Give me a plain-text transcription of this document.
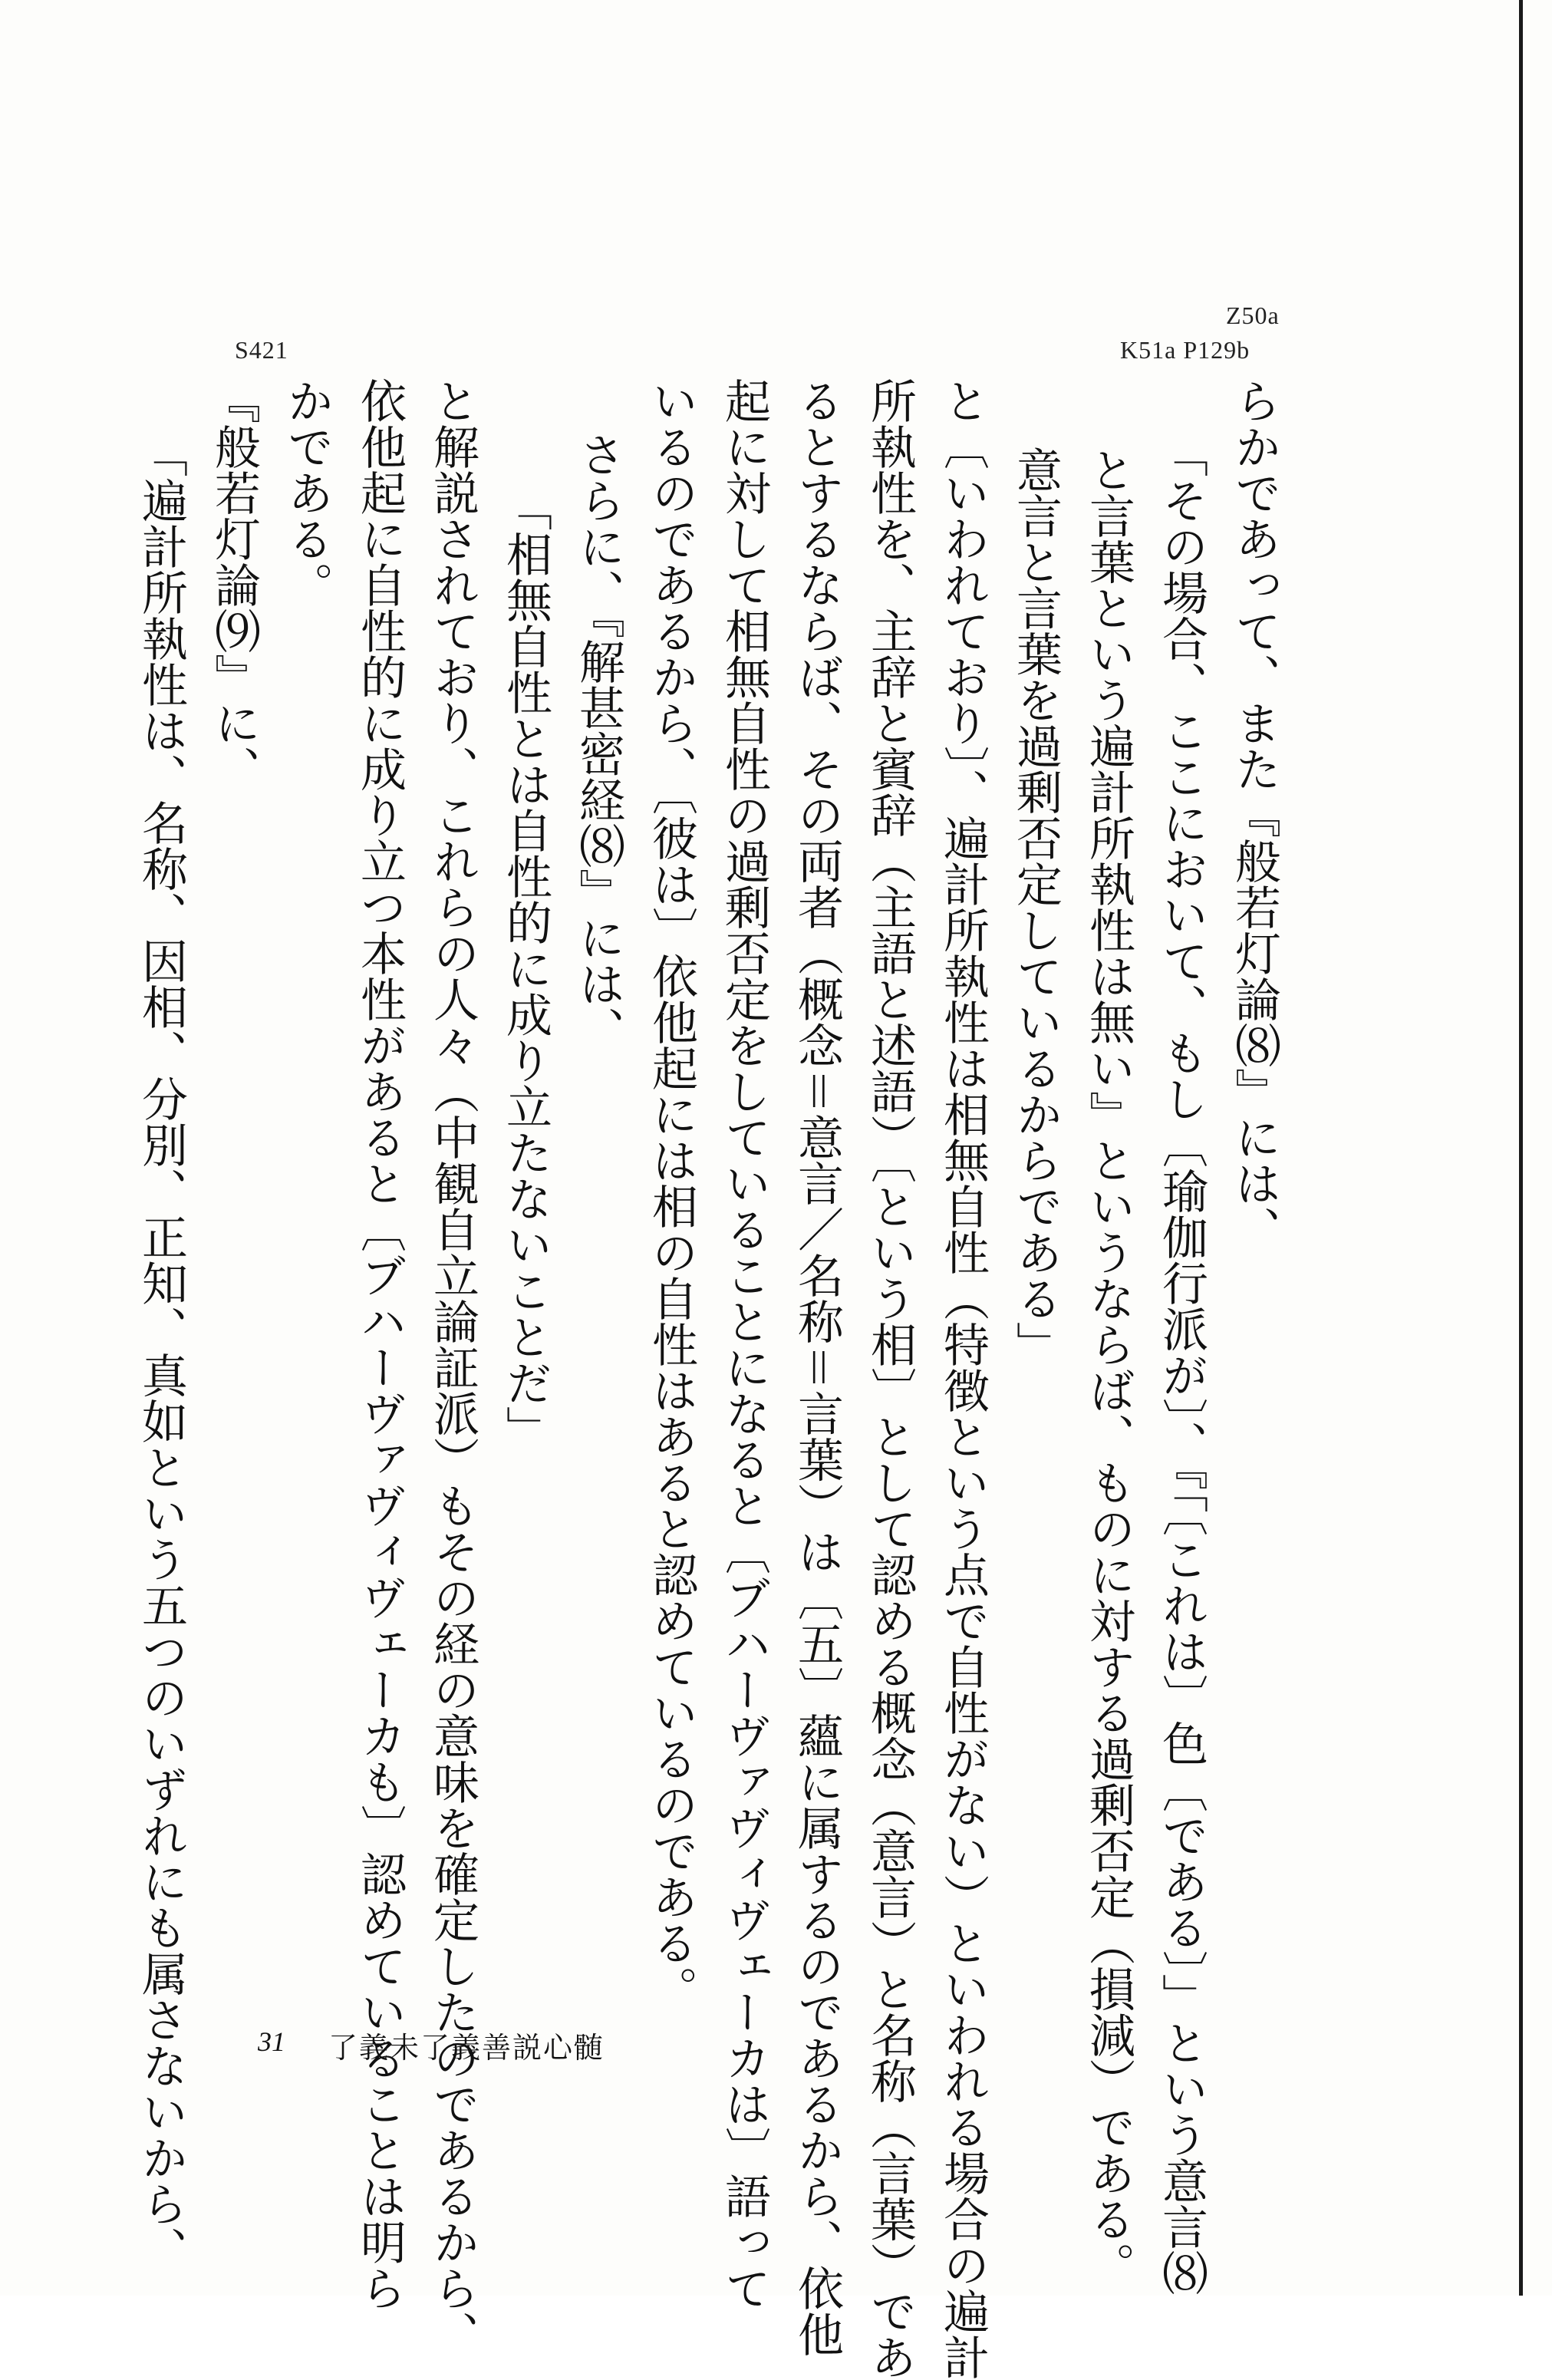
Z50a
K51a P129b
S421
らかであって、また『般若灯論⑻』には、
「その場合、ここにおいて、もし〔瑜伽行派が〕、『「〔これは〕色〔である〕」という意言⑻
と言葉という遍計所執性は無い』というならば、ものに対する過剰否定（損減）である。
意言と言葉を過剰否定しているからである」
と〔いわれており〕、遍計所執性は相無自性（特徴という点で自性がない）といわれる場合の遍計
所執性を、主辞と賓辞（主語と述語）〔という相〕として認める概念（意言）と名称（言葉）であ
るとするならば、その両者（概念＝意言／名称＝言葉）は〔五〕蘊に属するのであるから、依他
起に対して相無自性の過剰否定をしていることになると〔ブハーヴァヴィヴェーカは〕語って
いるのであるから、〔彼は〕依他起には相の自性はあると認めているのである。
さらに、『解甚密経⑻』には、
「相無自性とは自性的に成り立たないことだ」
と解説されており、これらの人々（中観自立論証派）もその経の意味を確定したのであるから、
依他起に自性的に成り立つ本性があると〔ブハーヴァヴィヴェーカも〕認めていることは明ら
かである。
『般若灯論⑼』に、
「遍計所執性は、名称、因相、分別、正知、真如という五つのいずれにも属さないから、	31 了義未了義善説心髄
